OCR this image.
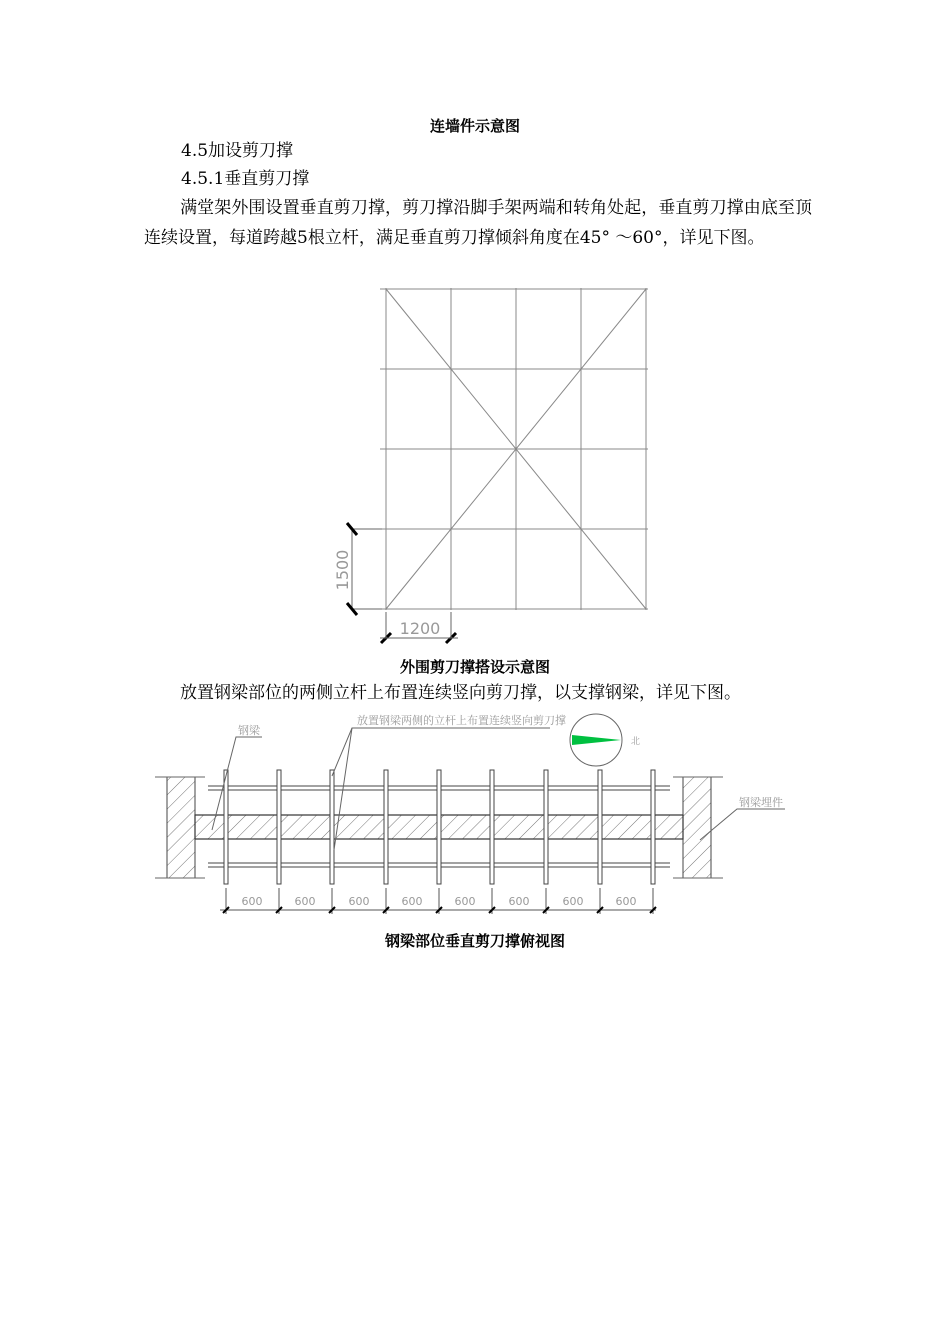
连墙件示意图
4.5加设剪刀撑
4.5.1垂直剪刀撑
满堂架外围设置垂直剪刀撑，剪刀撑沿脚手架两端和转角处起，垂直剪刀撑由底至顶连续设置，每道跨越5根立杆，满足垂直剪刀撑倾斜角度在45° ～60°，详见下图。
1500
1200
外围剪刀撑搭设示意图
放置钢梁部位的两侧立杆上布置连续竖向剪刀撑，以支撑钢梁，详见下图。
钢梁
放置钢梁两侧的立杆上布置连续竖向剪刀撑
钢梁埋件
北
600	600	600	600	600	600	600	600
钢梁部位垂直剪刀撑俯视图
